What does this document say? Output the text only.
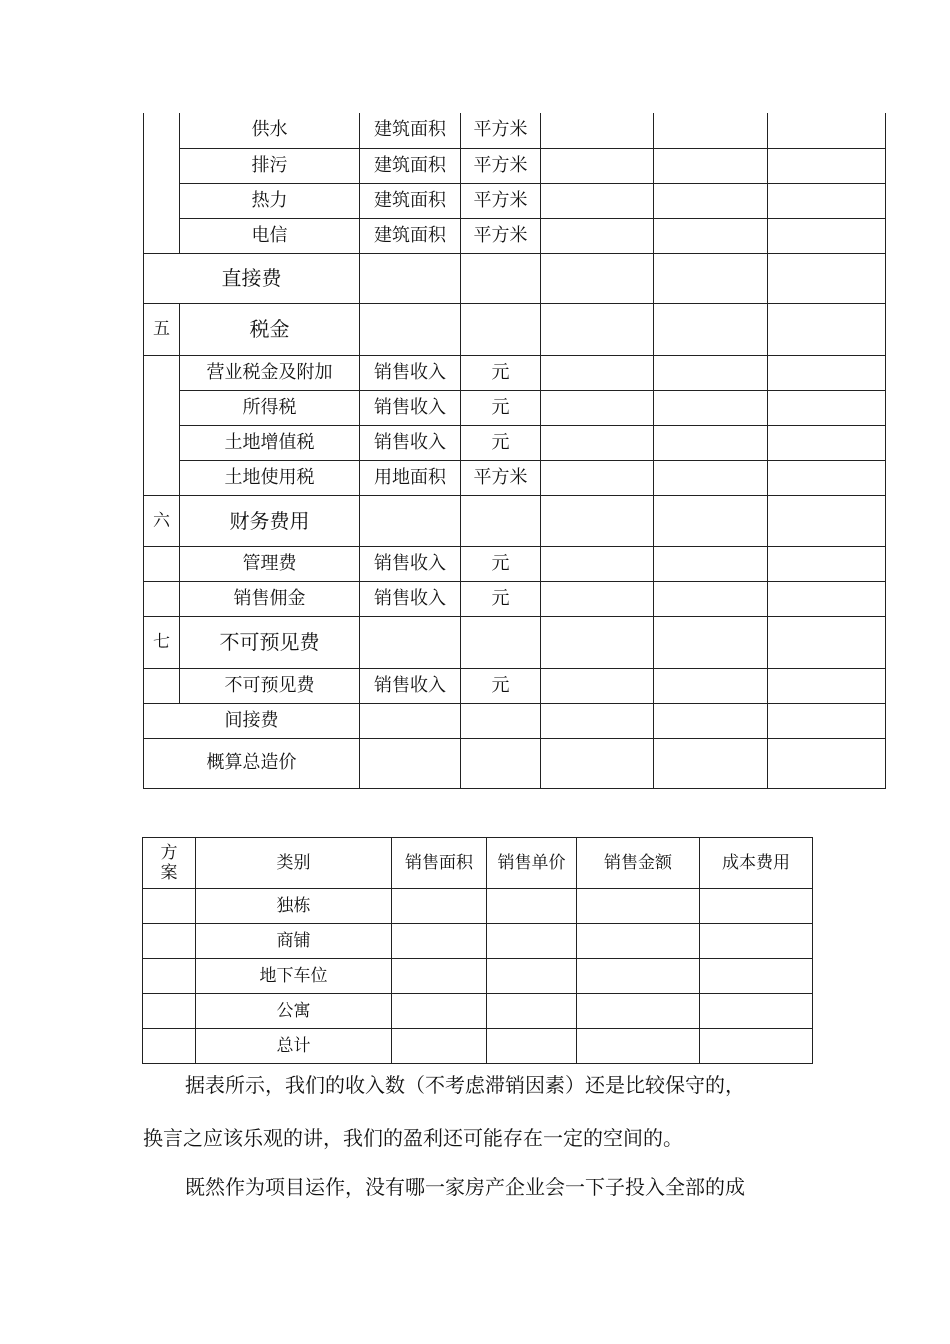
	供水	建筑面积	平方米			
	排污	建筑面积	平方米			
	热力	建筑面积	平方米			
	电信	建筑面积	平方米			
直接费						
五	税金					
	营业税金及附加	销售收入	元			
	所得税	销售收入	元			
	土地增值税	销售收入	元			
	土地使用税	用地面积	平方米			
六	财务费用					
	管理费	销售收入	元			
	销售佣金	销售收入	元			
七	不可预见费					
	不可预见费	销售收入	元			
间接费						
概算总造价						
方案	类别	销售面积	销售单价	销售金额	成本费用
	独栋				
	商铺				
	地下车位				
	公寓				
	总计				

据表所示，我们的收入数（不考虑滞销因素）还是比较保守的，

换言之应该乐观的讲，我们的盈利还可能存在一定的空间的。

既然作为项目运作，没有哪一家房产企业会一下子投入全部的成
